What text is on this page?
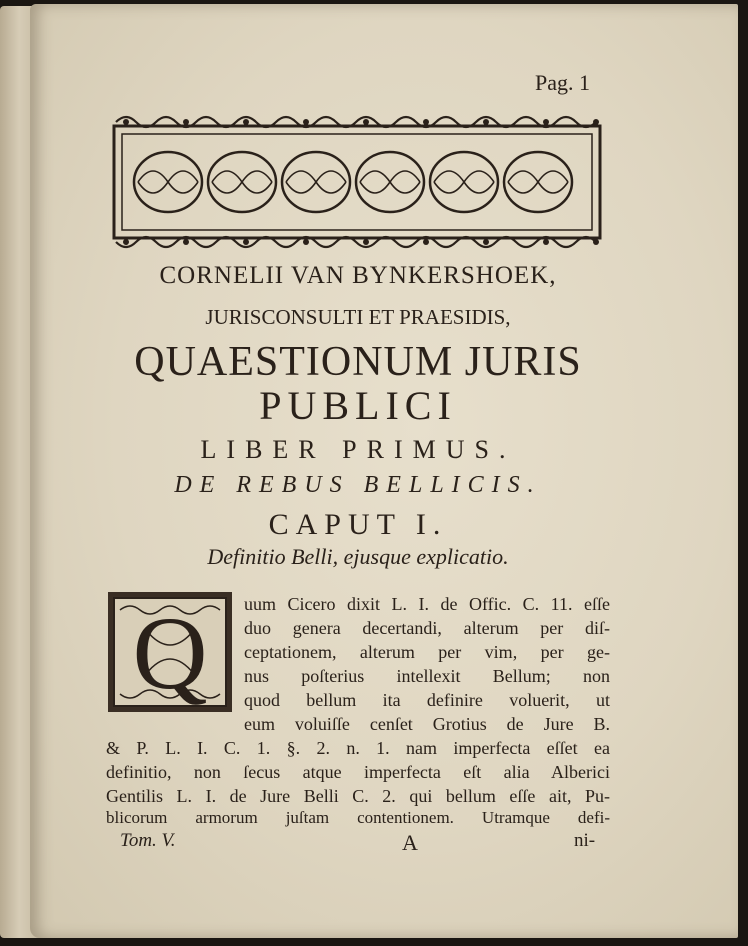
Pag. 1
CORNELII VAN BYNKERSHOEK,
JURISCONSULTI ET PRAESIDIS,
QUAESTIONUM JURIS
PUBLICI
LIBER PRIMUS.
DE REBUS BELLICIS.
CAPUT I.
Definitio Belli, ejusque explicatio.
Q uum Cicero dixit L. I. de Offic. C. 11. eſſe
duo genera decertandi, alterum per diſ-
ceptationem, alterum per vim, per ge-
nus poſterius intellexit Bellum; non
quod bellum ita definire voluerit, ut
eum voluiſſe cenſet Grotius de Jure B.
& P. L. I. C. 1. §. 2. n. 1. nam imperfecta eſſet ea
definitio, non ſecus atque imperfecta eſt alia Alberici
Gentilis L. I. de Jure Belli C. 2. qui bellum eſſe ait, Pu-
blicorum armorum juſtam contentionem. Utramque defi-
Tom. V.	A	ni-
